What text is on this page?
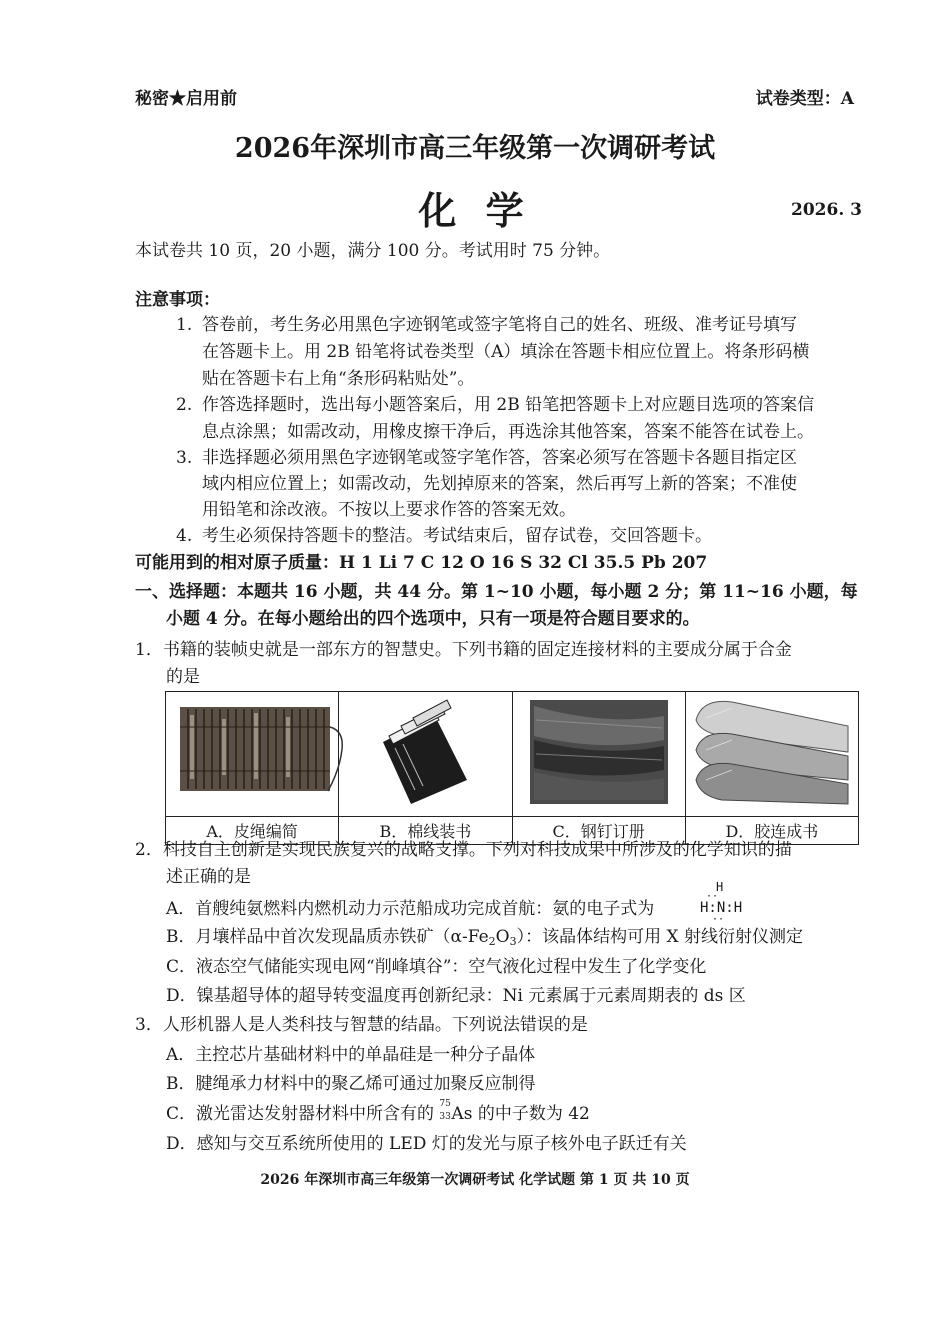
秘密★启用前	试卷类型：A
2026年深圳市高三年级第一次调研考试
化 学	2026. 3
本试卷共 10 页，20 小题，满分 100 分。考试用时 75 分钟。
注意事项：
1. 答卷前，考生务必用黑色字迹钢笔或签字笔将自己的姓名、班级、准考证号填写
在答题卡上。用 2B 铅笔将试卷类型（A）填涂在答题卡相应位置上。将条形码横
贴在答题卡右上角“条形码粘贴处”。
2. 作答选择题时，选出每小题答案后，用 2B 铅笔把答题卡上对应题目选项的答案信
息点涂黑；如需改动，用橡皮擦干净后，再选涂其他答案，答案不能答在试卷上。
3. 非选择题必须用黑色字迹钢笔或签字笔作答，答案必须写在答题卡各题目指定区
域内相应位置上；如需改动，先划掉原来的答案，然后再写上新的答案；不准使
用铅笔和涂改液。不按以上要求作答的答案无效。
4. 考生必须保持答题卡的整洁。考试结束后，留存试卷，交回答题卡。
可能用到的相对原子质量：H 1 Li 7 C 12 O 16 S 32 Cl 35.5 Pb 207
一、选择题：本题共 16 小题，共 44 分。第 1~10 小题，每小题 2 分；第 11~16 小题，每
小题 4 分。在每小题给出的四个选项中，只有一项是符合题目要求的。
1．书籍的装帧史就是一部东方的智慧史。下列书籍的固定连接材料的主要成分属于合金
的是

A．皮绳编简	B．棉线装书	C．钢钉订册	D．胶连成书
2．科技自主创新是实现民族复兴的战略支撑。下列对科技成果中所涉及的化学知识的描
述正确的是
A．首艘纯氨燃料内燃机动力示范船成功完成首航：氨的电子式为
H
··
H:N:H
··
B．月壤样品中首次发现晶质赤铁矿（α-Fe2O3）：该晶体结构可用 X 射线衍射仪测定
C．液态空气储能实现电网“削峰填谷”：空气液化过程中发生了化学变化
D．镍基超导体的超导转变温度再创新纪录：Ni 元素属于元素周期表的 ds 区
3．人形机器人是人类科技与智慧的结晶。下列说法错误的是
A．主控芯片基础材料中的单晶硅是一种分子晶体
B．腱绳承力材料中的聚乙烯可通过加聚反应制得
C．激光雷达发射器材料中所含有的 75
33 As 的中子数为 42
D．感知与交互系统所使用的 LED 灯的发光与原子核外电子跃迁有关
2026 年深圳市高三年级第一次调研考试 化学试题 第 1 页 共 10 页
